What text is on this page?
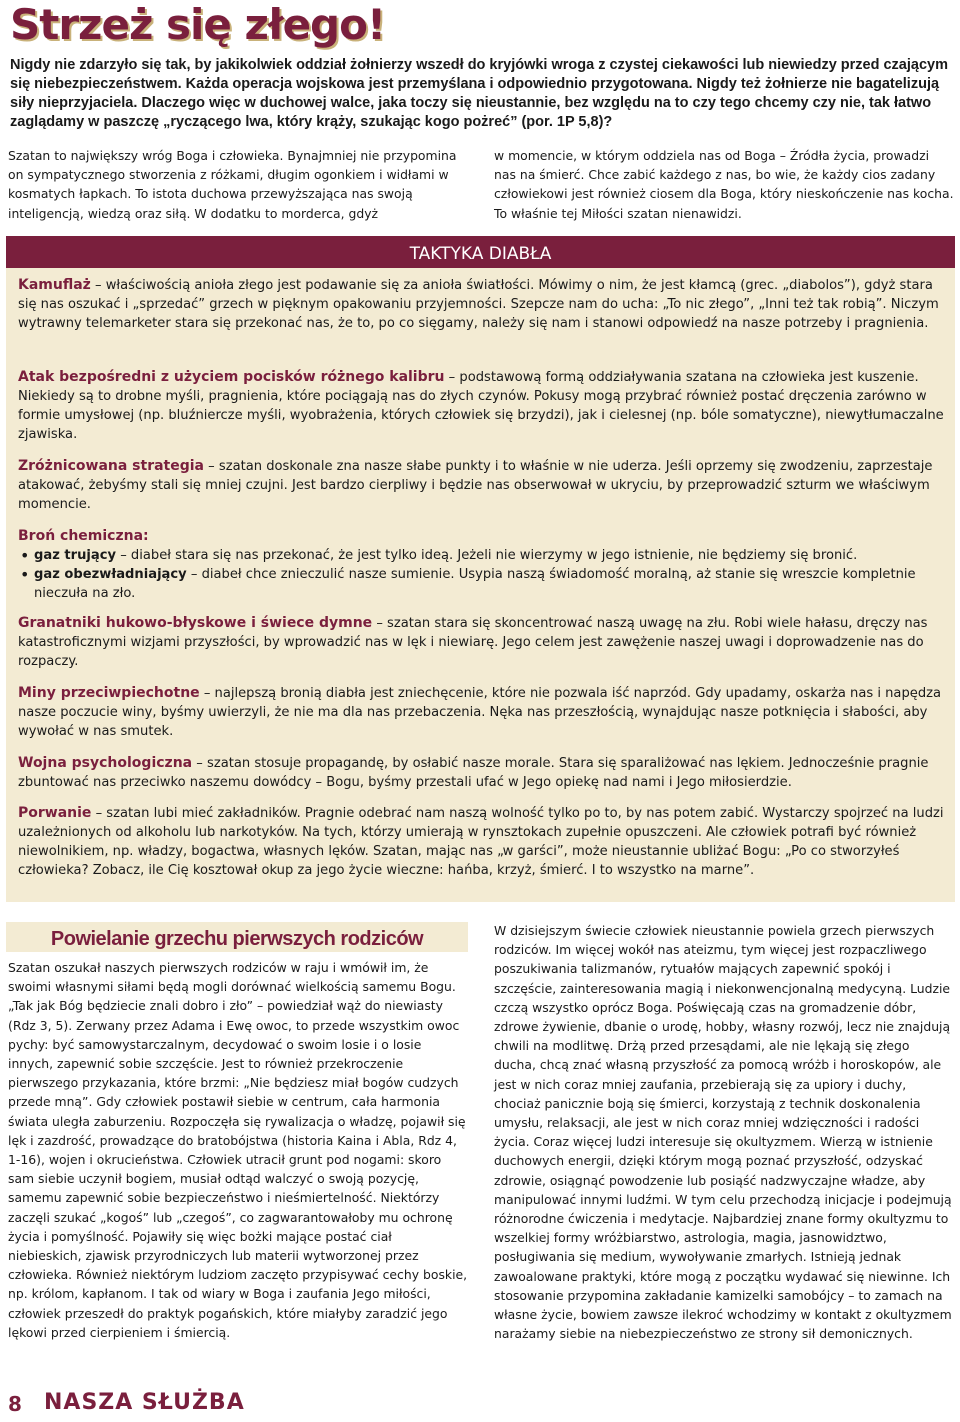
Strzeż się złego!
Nigdy nie zdarzyło się tak, by jakikolwiek oddział żołnierzy wszedł do kryjówki wroga z czystej ciekawości lub niewiedzy przed czającym się niebezpieczeństwem. Każda operacja wojskowa jest przemyślana i odpowiednio przygotowana. Nigdy też żołnierze nie bagatelizują siły nieprzyjaciela. Dlaczego więc w duchowej walce, jaka toczy się nieustannie, bez względu na to czy tego chcemy czy nie, tak łatwo zaglądamy w paszczę „ryczącego lwa, który krąży, szukając kogo pożreć” (por. 1P 5,8)?
Szatan to największy wróg Boga i człowieka. Bynajmniej nie przypomina on sympatycznego stworzenia z różkami, długim ogonkiem i widłami w kosmatych łapkach. To istota duchowa przewyższająca nas swoją inteligencją, wiedzą oraz siłą. W dodatku to morderca, gdyż
w momencie, w którym oddziela nas od Boga – Źródła życia, prowadzi nas na śmierć. Chce zabić każdego z nas, bo wie, że każdy cios zadany człowiekowi jest również ciosem dla Boga, który nieskończenie nas kocha. To właśnie tej Miłości szatan nienawidzi.
TAKTYKA DIABŁA
Kamuflaż – właściwością anioła złego jest podawanie się za anioła światłości. Mówimy o nim, że jest kłamcą (grec. „diabolos”), gdyż stara się nas oszukać i „sprzedać” grzech w pięknym opakowaniu przyjemności. Szepcze nam do ucha: „To nic złego”, „Inni też tak robią”. Niczym wytrawny telemarketer stara się przekonać nas, że to, po co sięgamy, należy się nam i stanowi odpowiedź na nasze potrzeby i pragnienia.
Atak bezpośredni z użyciem pocisków różnego kalibru – podstawową formą oddziaływania szatana na człowieka jest kuszenie. Niekiedy są to drobne myśli, pragnienia, które pociągają nas do złych czynów. Pokusy mogą przybrać również postać dręczenia zarówno w formie umysłowej (np. bluźniercze myśli, wyobrażenia, których człowiek się brzydzi), jak i cielesnej (np. bóle somatyczne), niewytłumaczalne zjawiska.
Zróżnicowana strategia – szatan doskonale zna nasze słabe punkty i to właśnie w nie uderza. Jeśli oprzemy się zwodzeniu, zaprzestaje atakować, żebyśmy stali się mniej czujni. Jest bardzo cierpliwy i będzie nas obserwował w ukryciu, by przeprowadzić szturm we właściwym momencie.
Broń chemiczna:
• gaz trujący – diabeł stara się nas przekonać, że jest tylko ideą. Jeżeli nie wierzymy w jego istnienie, nie będziemy się bronić.
• gaz obezwładniający – diabeł chce znieczulić nasze sumienie. Usypia naszą świadomość moralną, aż stanie się wreszcie kompletnie nieczuła na zło.
Granatniki hukowo-błyskowe i świece dymne – szatan stara się skoncentrować naszą uwagę na złu. Robi wiele hałasu, dręczy nas katastroficznymi wizjami przyszłości, by wprowadzić nas w lęk i niewiarę. Jego celem jest zawężenie naszej uwagi i doprowadzenie nas do rozpaczy.
Miny przeciwpiechotne – najlepszą bronią diabła jest zniechęcenie, które nie pozwala iść naprzód. Gdy upadamy, oskarża nas i napędza nasze poczucie winy, byśmy uwierzyli, że nie ma dla nas przebaczenia. Nęka nas przeszłością, wynajdując nasze potknięcia i słabości, aby wywołać w nas smutek.
Wojna psychologiczna – szatan stosuje propagandę, by osłabić nasze morale. Stara się sparaliżować nas lękiem. Jednocześnie pragnie zbuntować nas przeciwko naszemu dowódcy – Bogu, byśmy przestali ufać w Jego opiekę nad nami i Jego miłosierdzie.
Porwanie – szatan lubi mieć zakładników. Pragnie odebrać nam naszą wolność tylko po to, by nas potem zabić. Wystarczy spojrzeć na ludzi uzależnionych od alkoholu lub narkotyków. Na tych, którzy umierają w rynsztokach zupełnie opuszczeni. Ale człowiek potrafi być również niewolnikiem, np. władzy, bogactwa, własnych lęków. Szatan, mając nas „w garści”, może nieustannie ubliżać Bogu: „Po co stworzyłeś człowieka? Zobacz, ile Cię kosztował okup za jego życie wieczne: hańba, krzyż, śmierć. I to wszystko na marne”.
Powielanie grzechu pierwszych rodziców
Szatan oszukał naszych pierwszych rodziców w raju i wmówił im, że swoimi własnymi siłami będą mogli dorównać wielkością samemu Bogu. „Tak jak Bóg będziecie znali dobro i zło” – powiedział wąż do niewiasty (Rdz 3, 5). Zerwany przez Adama i Ewę owoc, to przede wszystkim owoc pychy: być samowystarczalnym, decydować o swoim losie i o losie innych, zapewnić sobie szczęście. Jest to również przekroczenie pierwszego przykazania, które brzmi: „Nie będziesz miał bogów cudzych przede mną”. Gdy człowiek postawił siebie w centrum, cała harmonia świata uległa zaburzeniu. Rozpoczęła się rywalizacja o władzę, pojawił się lęk i zazdrość, prowadzące do bratobójstwa (historia Kaina i Abla, Rdz 4, 1-16), wojen i okrucieństwa. Człowiek utracił grunt pod nogami: skoro sam siebie uczynił bogiem, musiał odtąd walczyć o swoją pozycję, samemu zapewnić sobie bezpieczeństwo i nieśmiertelność. Niektórzy zaczęli szukać „kogoś” lub „czegoś”, co zagwarantowałoby mu ochronę życia i pomyślność. Pojawiły się więc bożki mające postać ciał niebieskich, zjawisk przyrodniczych lub materii wytworzonej przez człowieka. Również niektórym ludziom zaczęto przypisywać cechy boskie, np. królom, kapłanom. I tak od wiary w Boga i zaufania Jego miłości, człowiek przeszedł do praktyk pogańskich, które miałyby zaradzić jego lękowi przed cierpieniem i śmiercią.
W dzisiejszym świecie człowiek nieustannie powiela grzech pierwszych rodziców. Im więcej wokół nas ateizmu, tym więcej jest rozpaczliwego poszukiwania talizmanów, rytuałów mających zapewnić spokój i szczęście, zainteresowania magią i niekonwencjonalną medycyną. Ludzie czczą wszystko oprócz Boga. Poświęcają czas na gromadzenie dóbr, zdrowe żywienie, dbanie o urodę, hobby, własny rozwój, lecz nie znajdują chwili na modlitwę. Drżą przed przesądami, ale nie lękają się złego ducha, chcą znać własną przyszłość za pomocą wróżb i horoskopów, ale jest w nich coraz mniej zaufania, przebierają się za upiory i duchy, chociaż panicznie boją się śmierci, korzystają z technik doskonalenia umysłu, relaksacji, ale jest w nich coraz mniej wdzięczności i radości życia. Coraz więcej ludzi interesuje się okultyzmem. Wierzą w istnienie duchowych energii, dzięki którym mogą poznać przyszłość, odzyskać zdrowie, osiągnąć powodzenie lub posiąść nadzwyczajne władze, aby manipulować innymi ludźmi. W tym celu przechodzą inicjacje i podejmują różnorodne ćwiczenia i medytacje. Najbardziej znane formy okultyzmu to wszelkiej formy wróżbiarstwo, astrologia, magia, jasnowidztwo, posługiwania się medium, wywoływanie zmarłych. Istnieją jednak zawoalowane praktyki, które mogą z początku wydawać się niewinne. Ich stosowanie przypomina zakładanie kamizelki samobójcy – to zamach na własne życie, bowiem zawsze ilekroć wchodzimy w kontakt z okultyzmem narażamy siebie na niebezpieczeństwo ze strony sił demonicznych.
8 NASZA SŁUŻBA
